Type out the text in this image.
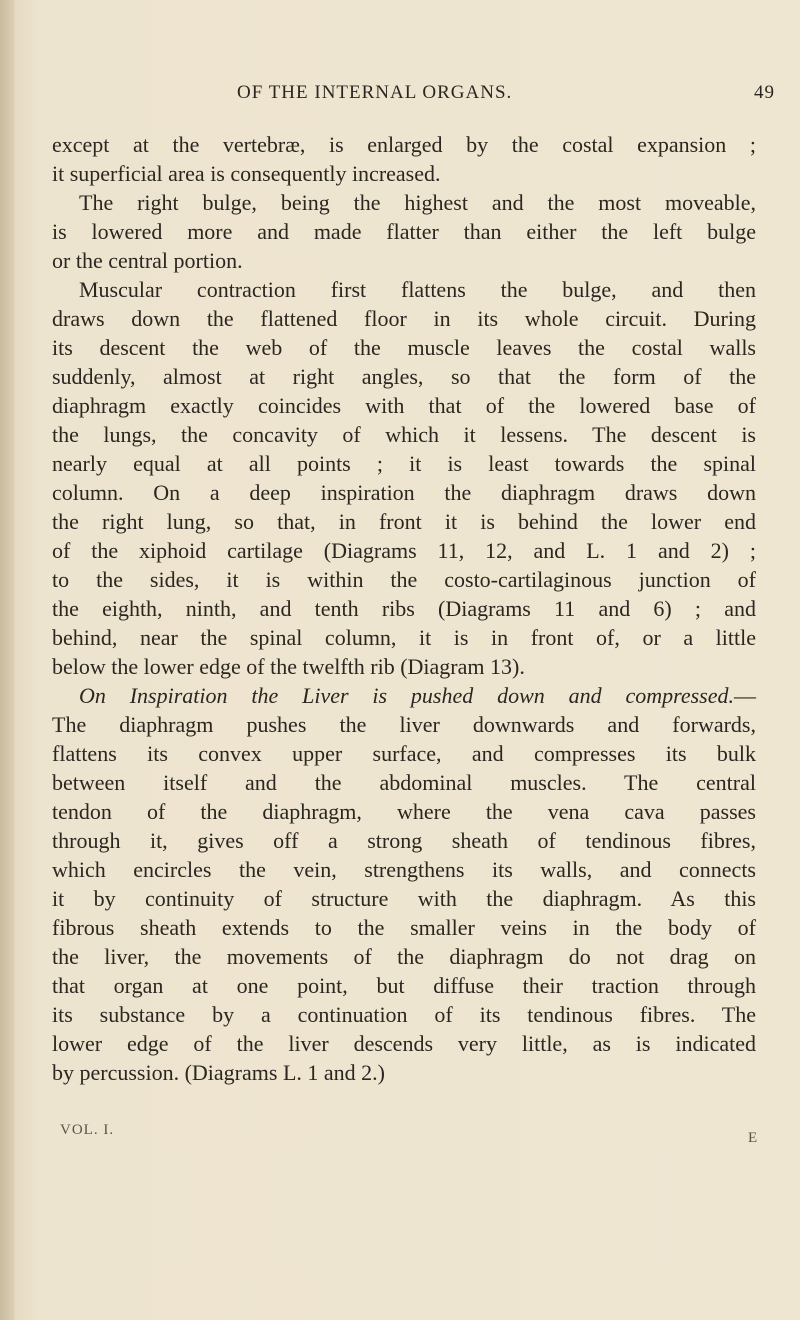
OF THE INTERNAL ORGANS.	49
except at the vertebræ, is enlarged by the costal expansion ;
it superficial area is consequently increased.
The right bulge, being the highest and the most moveable,
is lowered more and made flatter than either the left bulge
or the central portion.
Muscular contraction first flattens the bulge, and then
draws down the flattened floor in its whole circuit. During
its descent the web of the muscle leaves the costal walls
suddenly, almost at right angles, so that the form of the
diaphragm exactly coincides with that of the lowered base of
the lungs, the concavity of which it lessens. The descent is
nearly equal at all points ; it is least towards the spinal
column. On a deep inspiration the diaphragm draws down
the right lung, so that, in front it is behind the lower end
of the xiphoid cartilage (Diagrams 11, 12, and L. 1 and 2) ;
to the sides, it is within the costo-cartilaginous junction of
the eighth, ninth, and tenth ribs (Diagrams 11 and 6) ; and
behind, near the spinal column, it is in front of, or a little
below the lower edge of the twelfth rib (Diagram 13).
On Inspiration the Liver is pushed down and compressed.—
The diaphragm pushes the liver downwards and forwards,
flattens its convex upper surface, and compresses its bulk
between itself and the abdominal muscles. The central
tendon of the diaphragm, where the vena cava passes
through it, gives off a strong sheath of tendinous fibres,
which encircles the vein, strengthens its walls, and connects
it by continuity of structure with the diaphragm. As this
fibrous sheath extends to the smaller veins in the body of
the liver, the movements of the diaphragm do not drag on
that organ at one point, but diffuse their traction through
its substance by a continuation of its tendinous fibres. The
lower edge of the liver descends very little, as is indicated
by percussion. (Diagrams L. 1 and 2.)
VOL. I.	E
